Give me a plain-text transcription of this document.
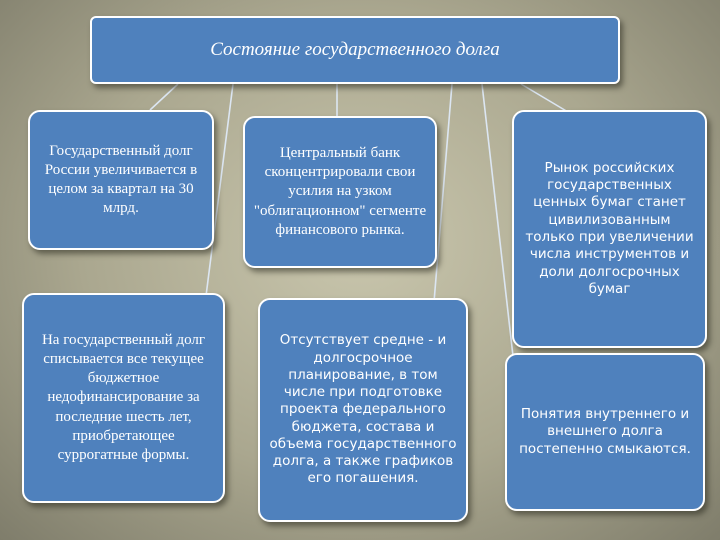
Состояние государственного долга
Государственный долг России увеличивается в целом за квартал на 30 млрд.
Центральный банк сконцентрировали свои усилия на узком "облигационном" сегменте финансового рынка.
Рынок российских государственных ценных бумаг станет цивилизованным только при увеличении числа инструментов и доли долгосрочных бумаг
На государственный долг списывается все текущее бюджетное недофинансирование за последние шесть лет, приобретающее суррогатные формы.
Отсутствует средне - и долгосрочное планирование, в том числе при подготовке проекта федерального бюджета, состава и объема государственного долга, а также графиков его погашения.
Понятия внутреннего и внешнего долга постепенно смыкаются.
